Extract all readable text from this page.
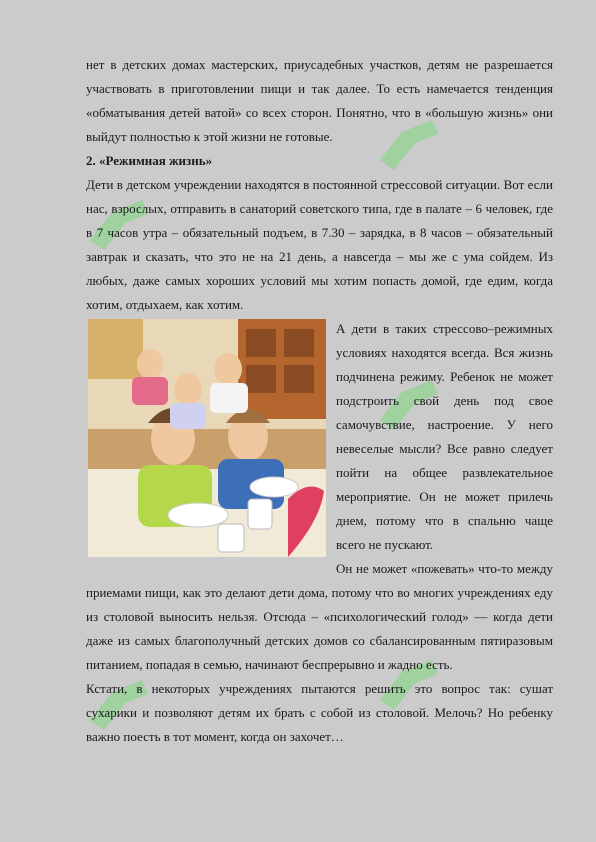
нет в детских домах мастерских, приусадебных участков, детям не разрешается участвовать в приготовлении пищи и так далее. То есть намечается тенденция «обматывания детей ватой» со всех сторон. Понятно, что в «большую жизнь» они выйдут полностью к этой жизни не готовые.

2. «Режимная жизнь»

Дети в детском учреждении находятся в постоянной стрессовой ситуации. Вот если нас, взрослых, отправить в санаторий советского типа, где в палате – 6 человек, где в 7 часов утра – обязательный подъем, в 7.30 – зарядка, в 8 часов – обязательный завтрак и сказать, что это не на 21 день, а навсегда – мы же с ума сойдем. Из любых, даже самых хороших условий мы хотим попасть домой, где едим, когда хотим, отдыхаем, как хотим.

А дети в таких стрессово–режимных условиях находятся всегда. Вся жизнь подчинена режиму. Ребенок не может подстроить свой день под свое самочувствие, настроение. У него невеселые мысли? Все равно следует пойти на общее развлекательное мероприятие. Он не может прилечь днем, потому что в спальню чаще всего не пускают.

Он не может «пожевать» что-то между приемами пищи, как это делают дети дома, потому что во многих учреждениях еду из столовой выносить нельзя. Отсюда – «психологический голод» — когда дети даже из самых благополучный детских домов со сбалансированным пятиразовым питанием, попадая в семью, начинают беспрерывно и жадно есть.

Кстати, в некоторых учреждениях пытаются решить это вопрос так: сушат сухарики и позволяют детям их брать с собой из столовой. Мелочь? Но ребенку важно поесть в тот момент, когда он захочет…
